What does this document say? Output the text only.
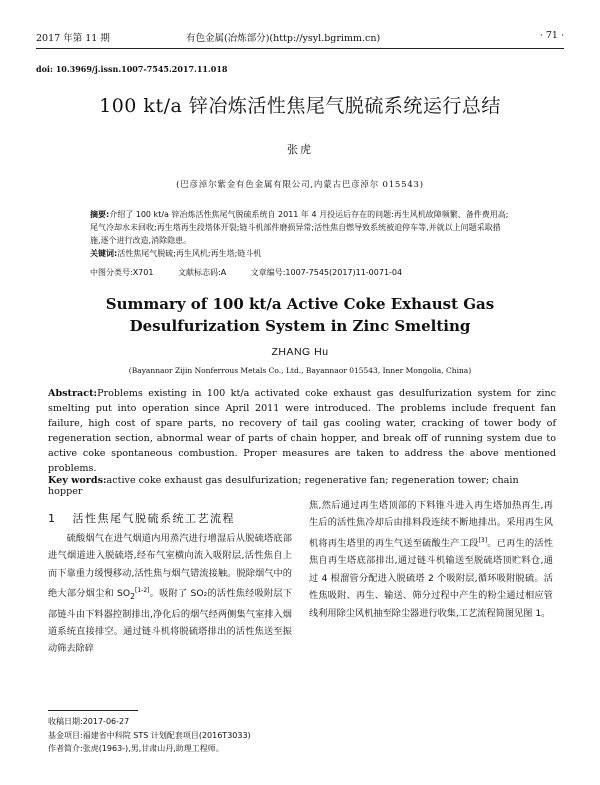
2017 年第 11 期	有色金属(冶炼部分)(http://ysyl.bgrimm.cn)	· 71 ·
doi: 10.3969/j.issn.1007-7545.2017.11.018
100 kt/a 锌冶炼活性焦尾气脱硫系统运行总结
张虎
(巴彦淖尔紫金有色金属有限公司,内蒙古巴彦淖尔 015543)
摘要:介绍了 100 kt/a 锌冶炼活性焦尾气脱硫系统自 2011 年 4 月投运后存在的问题:再生风机故障频繁、备件费用高;尾气冷却水未回收;再生塔再生段塔体开裂;链斗机部件磨损异常;活性焦自燃导致系统被迫停车等,并就以上问题采取措施,逐个进行改造,消除隐患。
关键词:活性焦尾气脱硫;再生风机;再生塔;链斗机
中图分类号:X701	文献标志码:A	文章编号:1007-7545(2017)11-0071-04
Summary of 100 kt/a Active Coke Exhaust Gas
Desulfurization System in Zinc Smelting
ZHANG Hu
(Bayannaor Zijin Nonferrous Metals Co., Ltd., Bayannaor 015543, Inner Mongolia, China)
Abstract:Problems existing in 100 kt/a activated coke exhaust gas desulfurization system for zinc smelting put into operation since April 2011 were introduced. The problems include frequent fan failure, high cost of spare parts, no recovery of tail gas cooling water, cracking of tower body of regeneration section, abnormal wear of parts of chain hopper, and break off of running system due to active coke spontaneous combustion. Proper measures are taken to address the above mentioned problems.
Key words:active coke exhaust gas desulfurization; regenerative fan; regeneration tower; chain hopper
1 活性焦尾气脱硫系统工艺流程
  硫酸烟气在进气烟道内用蒸汽进行增湿后从脱硫塔底部进气烟道进入脱硫塔,经布气室横向流入吸附层,活性焦自上而下靠重力缓慢移动,活性焦与烟气错流接触。脱除烟气中的绝大部分烟尘和 $SO_2[1-2]$。吸附了 SO₂的活性焦经吸附层下部链斗由下料器控制排出,净化后的烟气经两侧集气室排入烟道系统直接排空。通过链斗机将脱硫塔排出的活性焦送至振动筛去除碎
焦,然后通过再生塔顶部的下料锥斗进入再生塔加热再生,再生后的活性焦冷却后由排料段连续不断地排出。采用再生风机将再生塔里的再生气送至硫酸生产工段[3]。已再生的活性焦自再生塔底部排出,通过链斗机输送至脱硫塔顶贮料仓,通过 4 根溜管分配进入脱硫塔 2 个吸附层,循环吸附脱硫。活性焦吸附、再生、输送、筛分过程中产生的粉尘通过相应管线利用除尘风机抽至除尘器进行收集,工艺流程简图见图 1。
收稿日期:2017-06-27
基金项目:福建省中科院 STS 计划配套项目(2016T3033)
作者简介:张虎(1963-),男,甘肃山丹,助理工程师。
